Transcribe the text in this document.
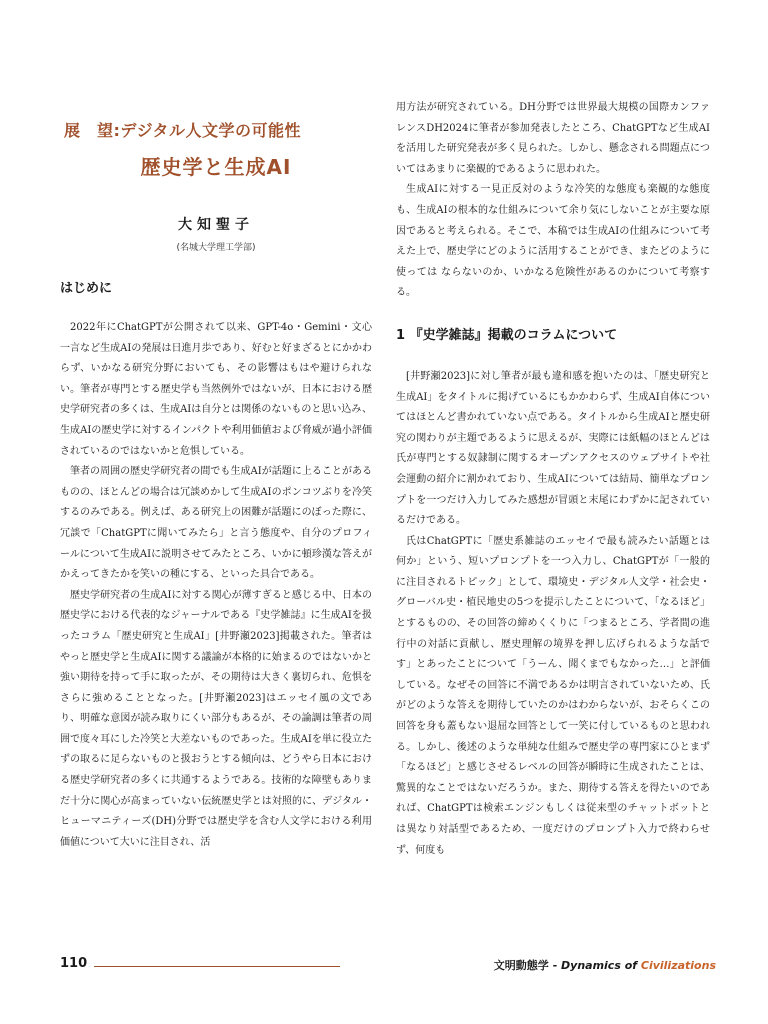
展　望:デジタル人文学の可能性
歴史学と生成AI
大知聖子
(名城大学理工学部)
はじめに

2022年にChatGPTが公開されて以来、GPT-4o・Gemini・文心一言など生成AIの発展は日進月歩であり、好むと好まざるとにかかわらず、いかなる研究分野においても、その影響はもはや避けられない。筆者が専門とする歴史学も当然例外ではないが、日本における歴史学研究者の多くは、生成AIは自分とは関係のないものと思い込み、生成AIの歴史学に対するインパクトや利用価値および脅威が過小評価されているのではないかと危惧している。

筆者の周囲の歴史学研究者の間でも生成AIが話題に上ることがあるものの、ほとんどの場合は冗談めかして生成AIのポンコツぶりを冷笑するのみである。例えば、ある研究上の困難が話題にのぼった際に、冗談で「ChatGPTに聞いてみたら」と言う態度や、自分のプロフィールについて生成AIに説明させてみたところ、いかに頓珍漢な答えがかえってきたかを笑いの種にする、といった具合である。

歴史学研究者の生成AIに対する関心が薄すぎると感じる中、日本の歴史学における代表的なジャーナルである『史学雑誌』に生成AIを扱ったコラム「歴史研究と生成AI」[井野瀬2023]掲載された。筆者はやっと歴史学と生成AIに関する議論が本格的に始まるのではないかと強い期待を持って手に取ったが、その期待は大きく裏切られ、危惧をさらに強めることとなった。[井野瀬2023]はエッセイ風の文であり、明確な意図が読み取りにくい部分もあるが、その論調は筆者の周囲で度々耳にした冷笑と大差ないものであった。生成AIを単に役立たずの取るに足らないものと扱おうとする傾向は、どうやら日本における歴史学研究者の多くに共通するようである。技術的な障壁もありまだ十分に関心が高まっていない伝統歴史学とは対照的に、デジタル・ヒューマニティーズ(DH)分野では歴史学を含む人文学における利用価値について大いに注目され、活

用方法が研究されている。DH分野では世界最大規模の国際カンファレンスDH2024に筆者が参加発表したところ、ChatGPTなど生成AIを活用した研究発表が多く見られた。しかし、懸念される問題点についてはあまりに楽観的であるように思われた。

生成AIに対する一見正反対のような冷笑的な態度も楽観的な態度も、生成AIの根本的な仕組みについて余り気にしないことが主要な原因であると考えられる。そこで、本稿では生成AIの仕組みについて考えた上で、歴史学にどのように活用することができ、またどのように使っては ならないのか、いかなる危険性があるのかについて考察する。

1 『史学雑誌』掲載のコラムについて

[井野瀬2023]に対し筆者が最も違和感を抱いたのは、「歴史研究と生成AI」をタイトルに掲げているにもかかわらず、生成AI自体についてはほとんど書かれていない点である。タイトルから生成AIと歴史研究の関わりが主題であるように思えるが、実際には紙幅のほとんどは氏が専門とする奴隷制に関するオープンアクセスのウェブサイトや社会運動の紹介に割かれており、生成AIについては結局、簡単なプロンプトを一つだけ入力してみた感想が冒頭と末尾にわずかに記されているだけである。

氏はChatGPTに「歴史系雑誌のエッセイで最も読みたい話題とは何か」という、短いプロンプトを一つ入力し、ChatGPTが「一般的に注目されるトピック」として、環境史・デジタル人文学・社会史・グローバル史・植民地史の5つを提示したことについて、「なるほど」とするものの、その回答の締めくくりに「つまるところ、学者間の進行中の対話に貢献し、歴史理解の境界を押し広げられるような話です」とあったことについて「うーん、聞くまでもなかった…」と評価している。なぜその回答に不満であるかは明言されていないため、氏がどのような答えを期待していたのかはわからないが、おそらくこの回答を身も蓋もない退屈な回答として一笑に付しているものと思われる。しかし、後述のような単純な仕組みで歴史学の専門家にひとまず「なるほど」と感じさせるレベルの回答が瞬時に生成されたことは、驚異的なことではないだろうか。また、期待する答えを得たいのであれば、ChatGPTは検索エンジンもしくは従来型のチャットボットとは異なり対話型であるため、一度だけのプロンプト入力で終わらせず、何度も

110	文明動態学 - Dynamics of Civilizations
